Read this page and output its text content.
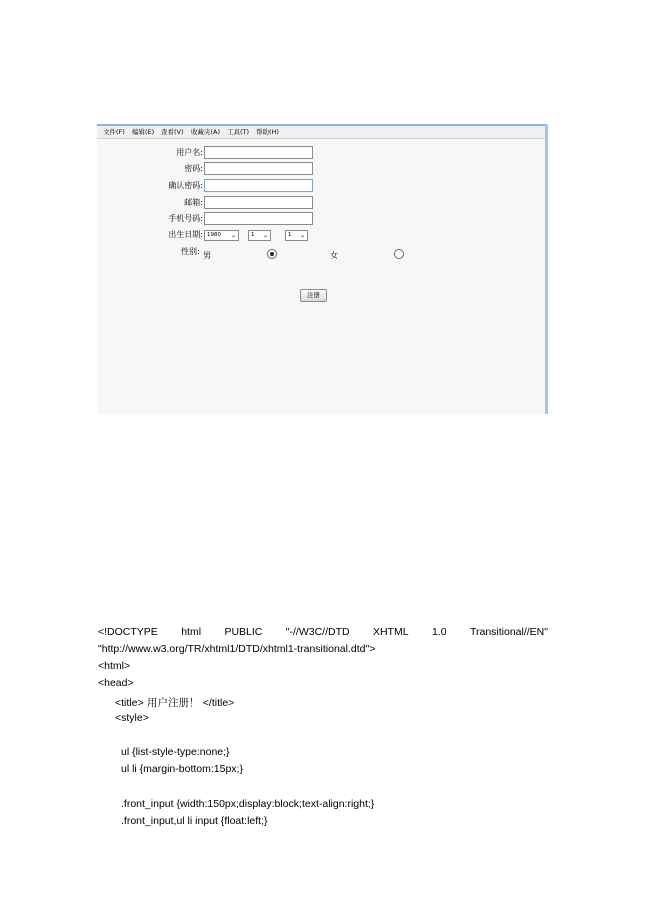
文件(F) 编辑(E) 查看(V) 收藏夹(A) 工具(T) 帮助(H)
用户名:
密码:
确认密码:
邮箱:
手机号码:
出生日期: 1980 ⌄	1 ⌄	1 ⌄
性别: 男	女
注册
<!DOCTYPE html PUBLIC "-//W3C//DTD XHTML 1.0 Transitional//EN"
"http://www.w3.org/TR/xhtml1/DTD/xhtml1-transitional.dtd">
<html>
<head>
<title> 用户注册！ </title>
<style>
ul {list-style-type:none;}
ul li {margin-bottom:15px;}
.front_input {width:150px;display:block;text-align:right;}
.front_input,ul li input {float:left;}
